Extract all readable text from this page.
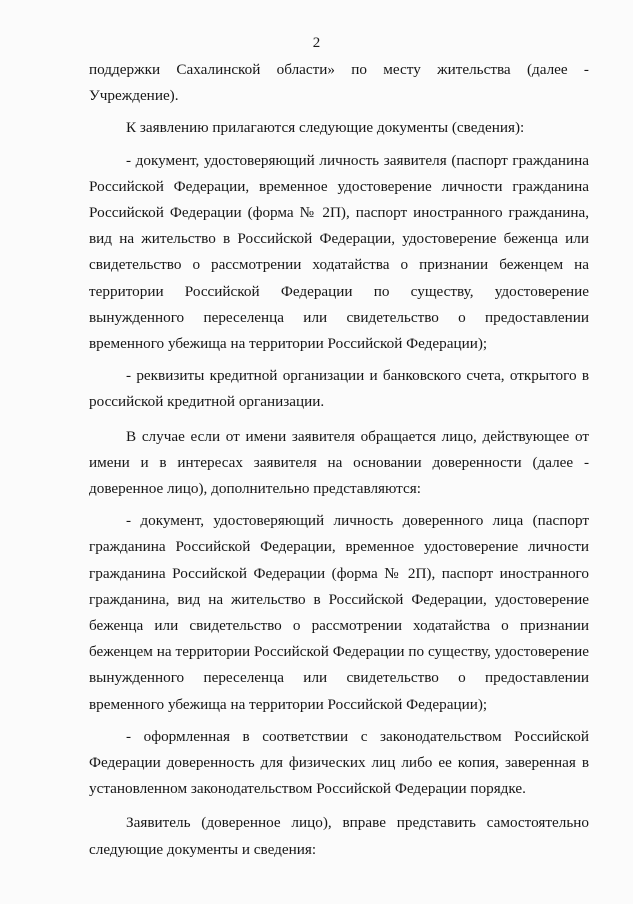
2

поддержки Сахалинской области» по месту жительства (далее - Учреждение).

К заявлению прилагаются следующие документы (сведения):

- документ, удостоверяющий личность заявителя (паспорт гражданина Российской Федерации, временное удостоверение личности гражданина Российской Федерации (форма № 2П), паспорт иностранного гражданина, вид на жительство в Российской Федерации, удостоверение беженца или свидетельство о рассмотрении ходатайства о признании беженцем на территории Российской Федерации по существу, удостоверение вынужденного переселенца или свидетельство о предоставлении временного убежища на территории Российской Федерации);

- реквизиты кредитной организации и банковского счета, открытого в российской кредитной организации.

В случае если от имени заявителя обращается лицо, действующее от имени и в интересах заявителя на основании доверенности (далее - доверенное лицо), дополнительно представляются:

- документ, удостоверяющий личность доверенного лица (паспорт гражданина Российской Федерации, временное удостоверение личности гражданина Российской Федерации (форма № 2П), паспорт иностранного гражданина, вид на жительство в Российской Федерации, удостоверение беженца или свидетельство о рассмотрении ходатайства о признании беженцем на территории Российской Федерации по существу, удостоверение вынужденного переселенца или свидетельство о предоставлении временного убежища на территории Российской Федерации);

- оформленная в соответствии с законодательством Российской Федерации доверенность для физических лиц либо ее копия, заверенная в установленном законодательством Российской Федерации порядке.

Заявитель (доверенное лицо), вправе представить самостоятельно следующие документы и сведения:
